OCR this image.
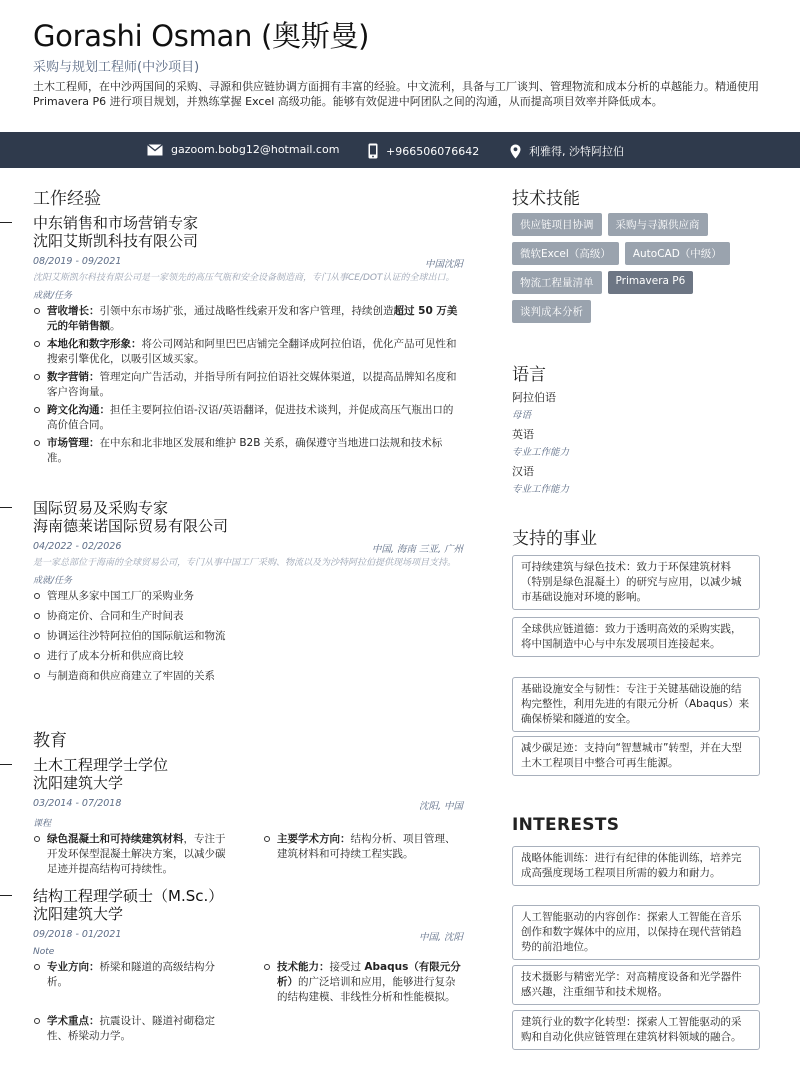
Gorashi Osman (奥斯曼)
采购与规划工程师(中沙项目)
土木工程师，在中沙两国间的采购、寻源和供应链协调方面拥有丰富的经验。中文流利，具备与工厂谈判、管理物流和成本分析的卓越能力。精通使用 Primavera P6 进行项目规划，并熟练掌握 Excel 高级功能。能够有效促进中阿团队之间的沟通，从而提高项目效率并降低成本。
gazoom.bobg12@hotmail.com	+966506076642	利雅得, 沙特阿拉伯
工作经验
中东销售和市场营销专家
沈阳艾斯凯科技有限公司
08/2019 - 09/2021	中国沈阳
沈阳艾斯凯尔科技有限公司是一家领先的高压气瓶和安全设备制造商，专门从事CE/DOT认证的全球出口。
成就/任务
营收增长：引领中东市场扩张，通过战略性线索开发和客户管理，持续创造超过 50 万美元的年销售额。
本地化和数字形象：将公司网站和阿里巴巴店铺完全翻译成阿拉伯语，优化产品可见性和搜索引擎优化，以吸引区域买家。
数字营销：管理定向广告活动，并指导所有阿拉伯语社交媒体渠道，以提高品牌知名度和客户咨询量。
跨文化沟通：担任主要阿拉伯语-汉语/英语翻译，促进技术谈判，并促成高压气瓶出口的高价值合同。
市场管理：在中东和北非地区发展和维护 B2B 关系，确保遵守当地进口法规和技术标准。
国际贸易及采购专家
海南德莱诺国际贸易有限公司
04/2022 - 02/2026	中国, 海南 三亚, 广州
是一家总部位于海南的全球贸易公司，专门从事中国工厂采购、物流以及为沙特阿拉伯提供现场项目支持。
成就/任务
管理从多家中国工厂的采购业务
协商定价、合同和生产时间表
协调运往沙特阿拉伯的国际航运和物流
进行了成本分析和供应商比较
与制造商和供应商建立了牢固的关系
教育
土木工程理学士学位
沈阳建筑大学
03/2014 - 07/2018	沈阳, 中国
课程
绿色混凝土和可持续建筑材料，专注于开发环保型混凝土解决方案，以减少碳足迹并提高结构可持续性。
主要学术方向：结构分析、项目管理、建筑材料和可持续工程实践。
结构工程理学硕士（M.Sc.）
沈阳建筑大学
09/2018 - 01/2021	中国, 沈阳
Note
专业方向：桥梁和隧道的高级结构分析。
学术重点：抗震设计、隧道衬砌稳定性、桥梁动力学。
技术能力：接受过 Abaqus（有限元分析）的广泛培训和应用，能够进行复杂的结构建模、非线性分析和性能模拟。
技术技能
供应链项目协调	采购与寻源供应商
微软Excel（高级）	AutoCAD（中级）
物流工程量清单	Primavera P6
谈判成本分析
语言
阿拉伯语
母语
英语
专业工作能力
汉语
专业工作能力
支持的事业
可持续建筑与绿色技术：致力于环保建筑材料（特别是绿色混凝土）的研究与应用，以减少城市基础设施对环境的影响。
全球供应链道德：致力于透明高效的采购实践，将中国制造中心与中东发展项目连接起来。
基础设施安全与韧性：专注于关键基础设施的结构完整性，利用先进的有限元分析（Abaqus）来确保桥梁和隧道的安全。
减少碳足迹：支持向“智慧城市”转型，并在大型土木工程项目中整合可再生能源。
INTERESTS
战略体能训练：进行有纪律的体能训练，培养完成高强度现场工程项目所需的毅力和耐力。
人工智能驱动的内容创作：探索人工智能在音乐创作和数字媒体中的应用，以保持在现代营销趋势的前沿地位。
技术摄影与精密光学：对高精度设备和光学器件感兴趣，注重细节和技术规格。
建筑行业的数字化转型：探索人工智能驱动的采购和自动化供应链管理在建筑材料领域的融合。
